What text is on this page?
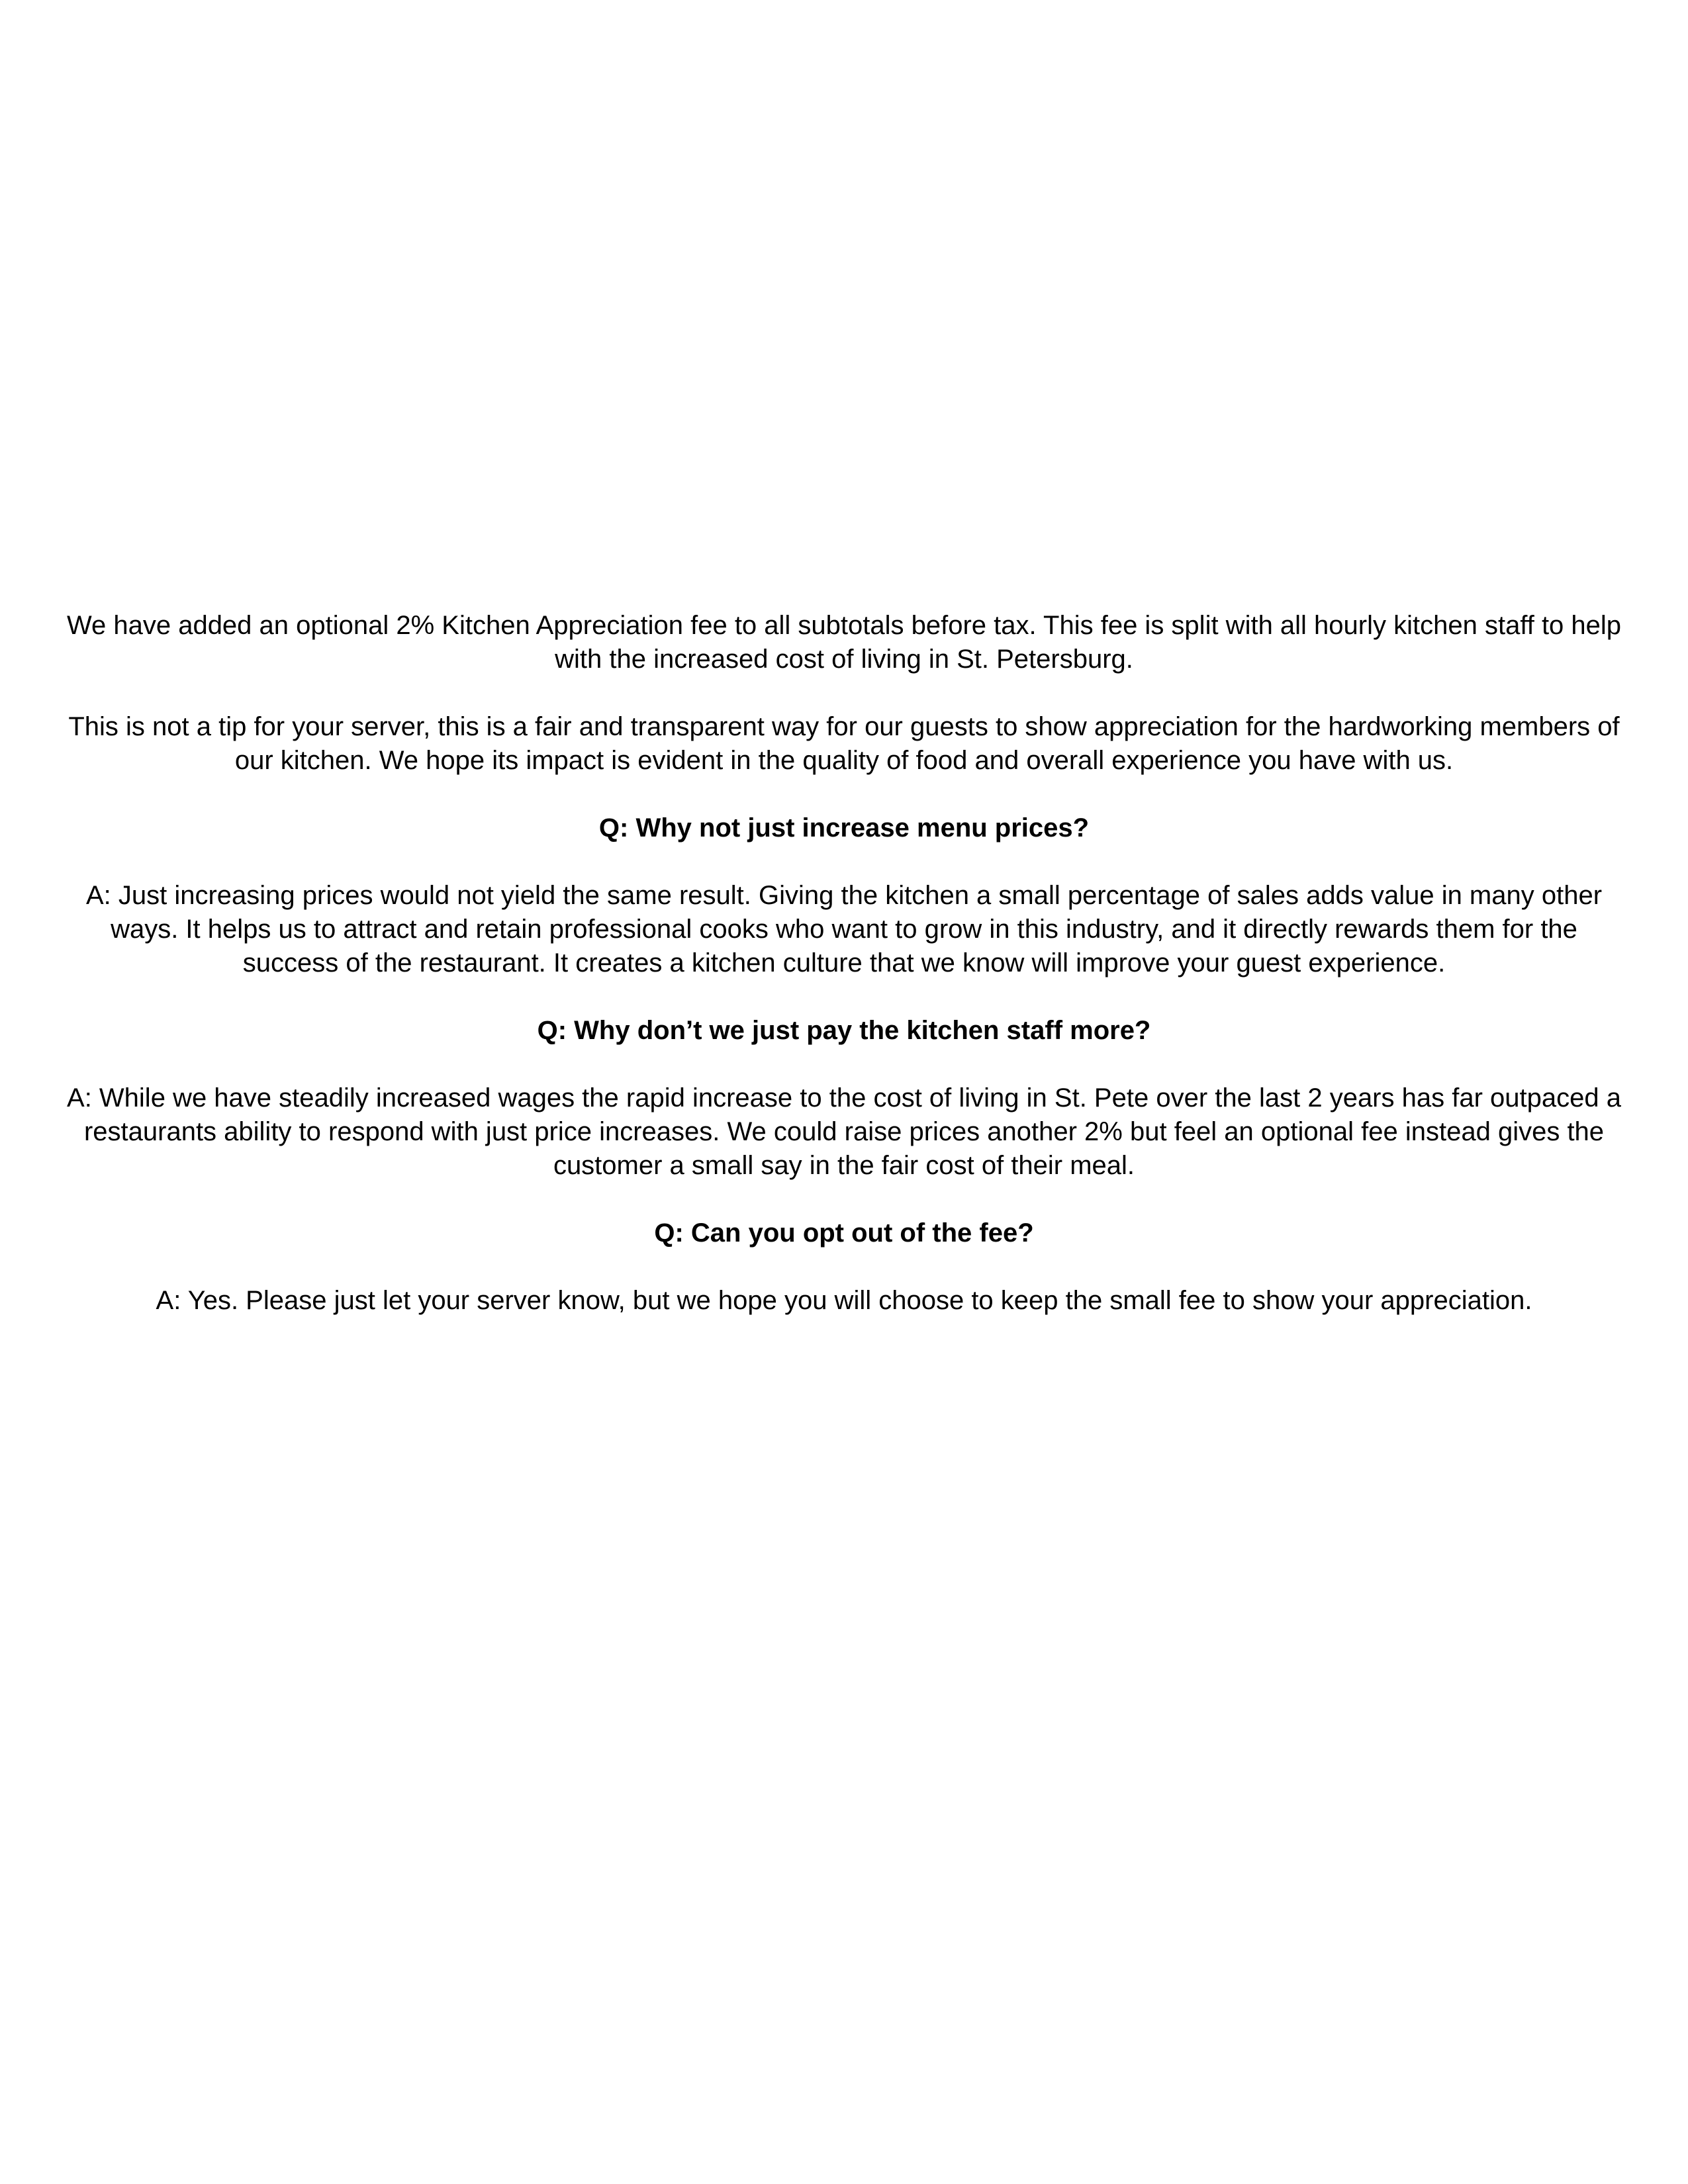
We have added an optional 2% Kitchen Appreciation fee to all subtotals before tax. This fee is split with all hourly kitchen staff to help with the increased cost of living in St. Petersburg.

This is not a tip for your server, this is a fair and transparent way for our guests to show appreciation for the hardworking members of our kitchen. We hope its impact is evident in the quality of food and overall experience you have with us.

Q: Why not just increase menu prices?

A: Just increasing prices would not yield the same result. Giving the kitchen a small percentage of sales adds value in many other ways. It helps us to attract and retain professional cooks who want to grow in this industry, and it directly rewards them for the success of the restaurant. It creates a kitchen culture that we know will improve your guest experience.

Q: Why don’t we just pay the kitchen staff more?

A: While we have steadily increased wages the rapid increase to the cost of living in St. Pete over the last 2 years has far outpaced a restaurants ability to respond with just price increases. We could raise prices another 2% but feel an optional fee instead gives the customer a small say in the fair cost of their meal.

Q: Can you opt out of the fee?

A: Yes. Please just let your server know, but we hope you will choose to keep the small fee to show your appreciation.
